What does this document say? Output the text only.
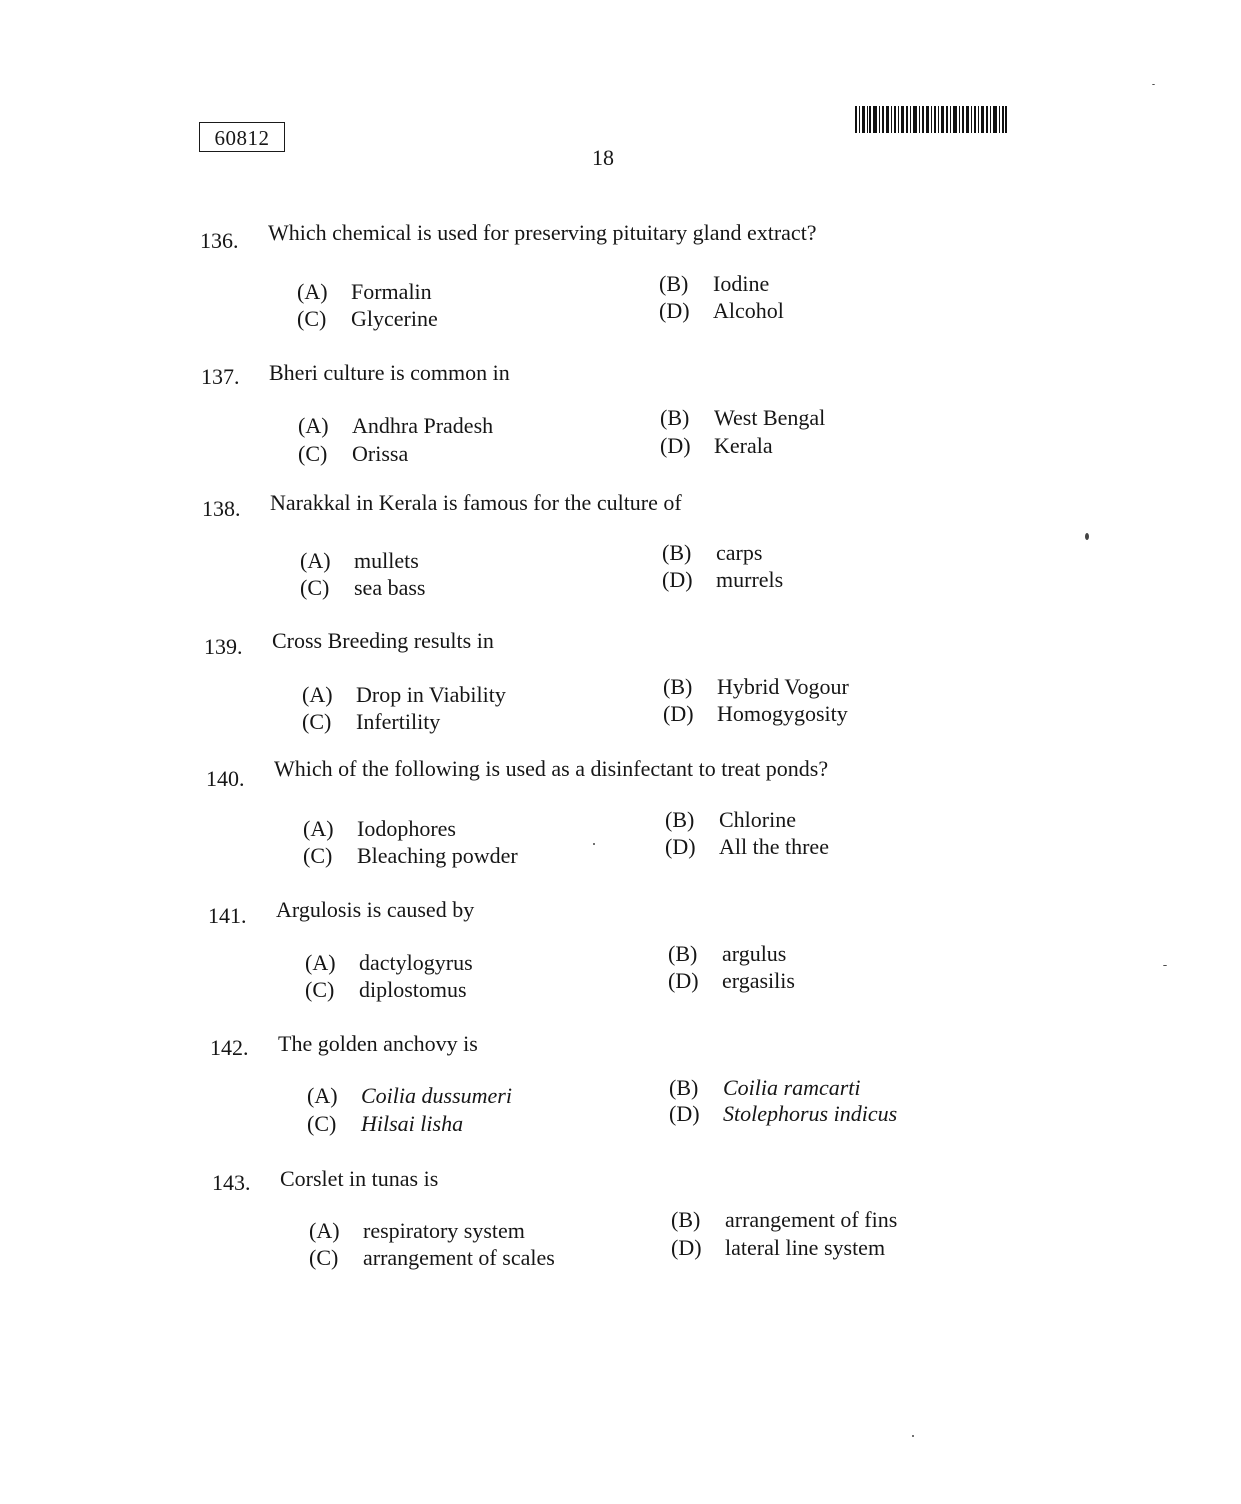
60812
18
136.	Which chemical is used for preserving pituitary gland extract?
(A) Formalin	(B) Iodine
(C) Glycerine	(D) Alcohol
137.	Bheri culture is common in
(A) Andhra Pradesh	(B) West Bengal
(C) Orissa	(D) Kerala
138.	Narakkal in Kerala is famous for the culture of
(A) mullets	(B) carps
(C) sea bass	(D) murrels
139.	Cross Breeding results in
(A) Drop in Viability	(B) Hybrid Vogour
(C) Infertility	(D) Homogygosity
140.	Which of the following is used as a disinfectant to treat ponds?
(A) Iodophores	(B) Chlorine
(C) Bleaching powder	(D) All the three
141.	Argulosis is caused by
(A) dactylogyrus	(B) argulus
(C) diplostomus	(D) ergasilis
142.	The golden anchovy is
(A) Coilia dussumeri	(B) Coilia ramcarti
(C) Hilsai lisha	(D) Stolephorus indicus
143.	Corslet in tunas is
(A) respiratory system	(B) arrangement of fins
(C) arrangement of scales	(D) lateral line system
